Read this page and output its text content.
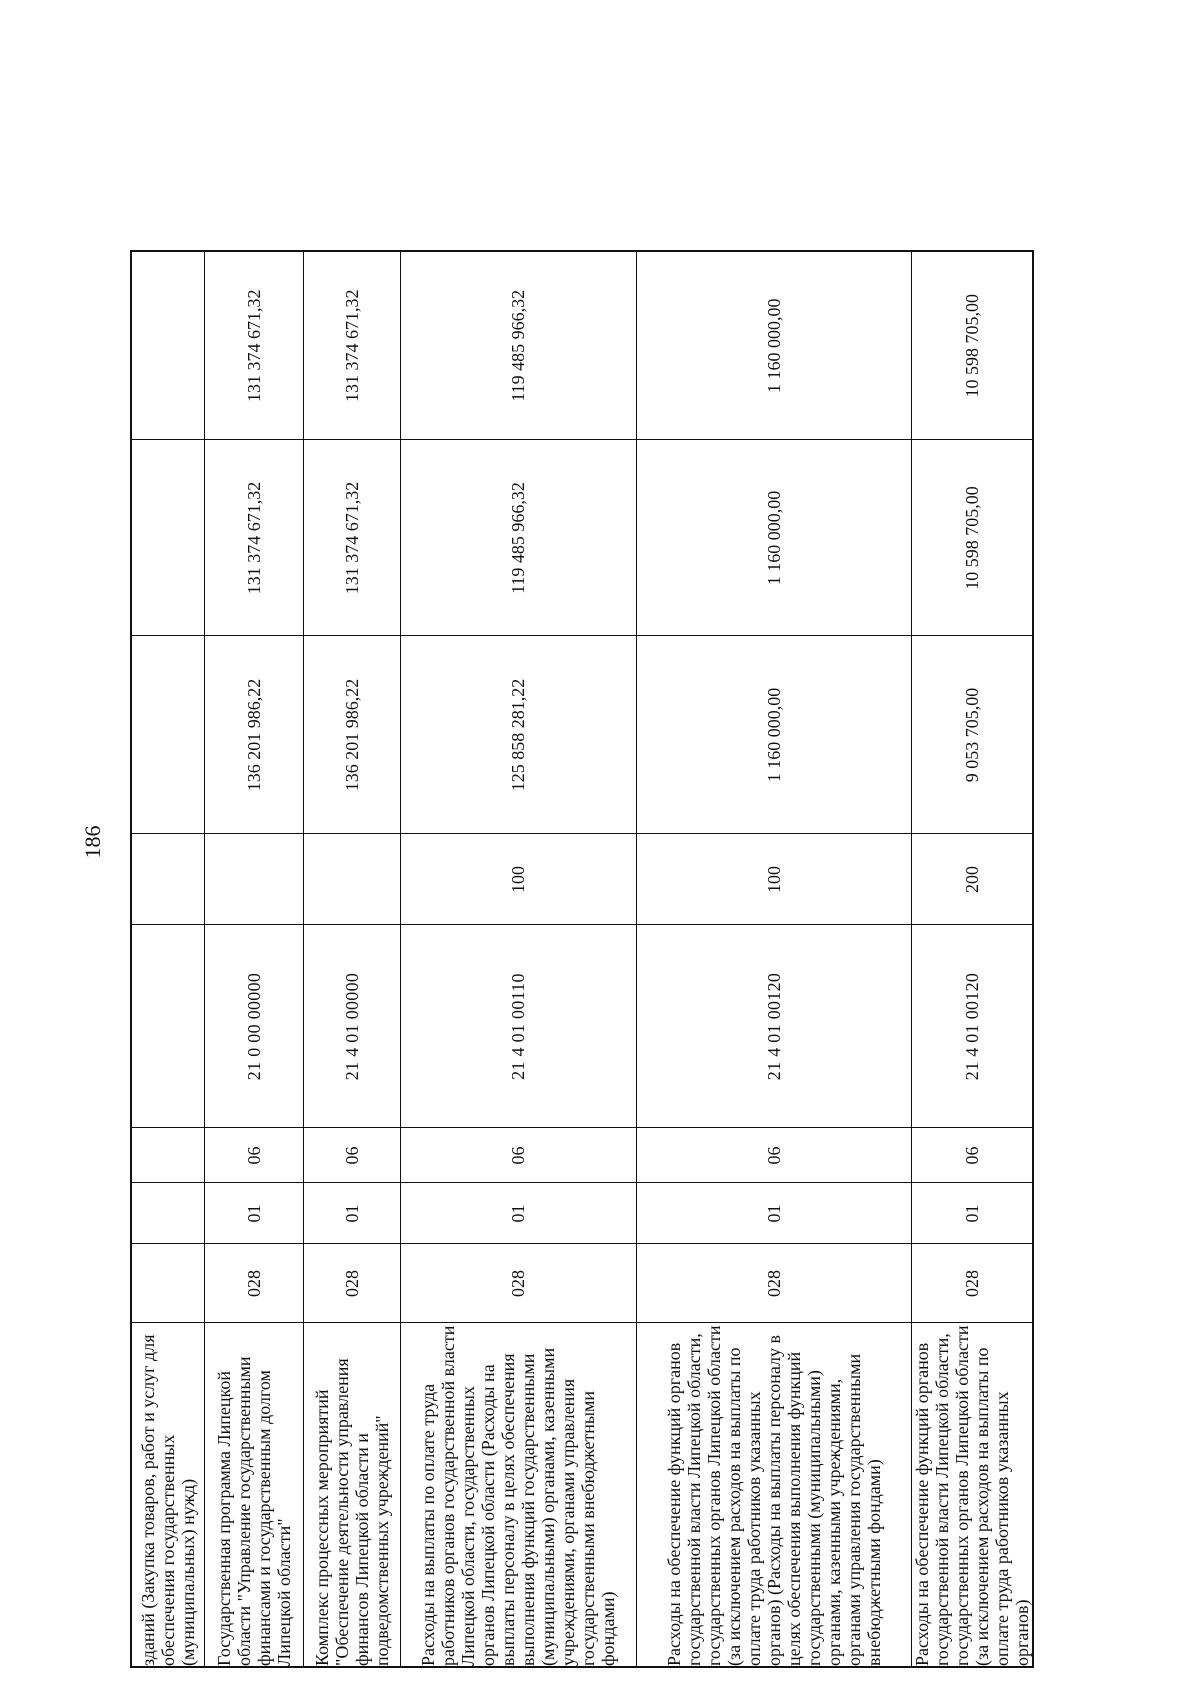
186
зданий (Закупка товаров, работ и услуг для обеспечения государственных (муниципальных) нужд)								
Государственная программа Липецкой области "Управление государственными финансами и государственным долгом Липецкой области"	028	01	06	21 0 00 00000		136 201 986,22	131 374 671,32	131 374 671,32
Комплекс процессных мероприятий "Обеспечение деятельности управления финансов Липецкой области и подведомственных учреждений"	028	01	06	21 4 01 00000		136 201 986,22	131 374 671,32	131 374 671,32
Расходы на выплаты по оплате труда работников органов государственной власти Липецкой области, государственных органов Липецкой области (Расходы на выплаты персоналу в целях обеспечения выполнения функций государственными (муниципальными) органами, казенными учреждениями, органами управления государственными внебюджетными фондами)	028	01	06	21 4 01 00110	100	125 858 281,22	119 485 966,32	119 485 966,32
Расходы на обеспечение функций органов государственной власти Липецкой области, государственных органов Липецкой области (за исключением расходов на выплаты по оплате труда работников указанных органов) (Расходы на выплаты персоналу в целях обеспечения выполнения функций государственными (муниципальными) органами, казенными учреждениями, органами управления государственными внебюджетными фондами)	028	01	06	21 4 01 00120	100	1 160 000,00	1 160 000,00	1 160 000,00
Расходы на обеспечение функций органов государственной власти Липецкой области, государственных органов Липецкой области (за исключением расходов на выплаты по оплате труда работников указанных органов)	028	01	06	21 4 01 00120	200	9 053 705,00	10 598 705,00	10 598 705,00
